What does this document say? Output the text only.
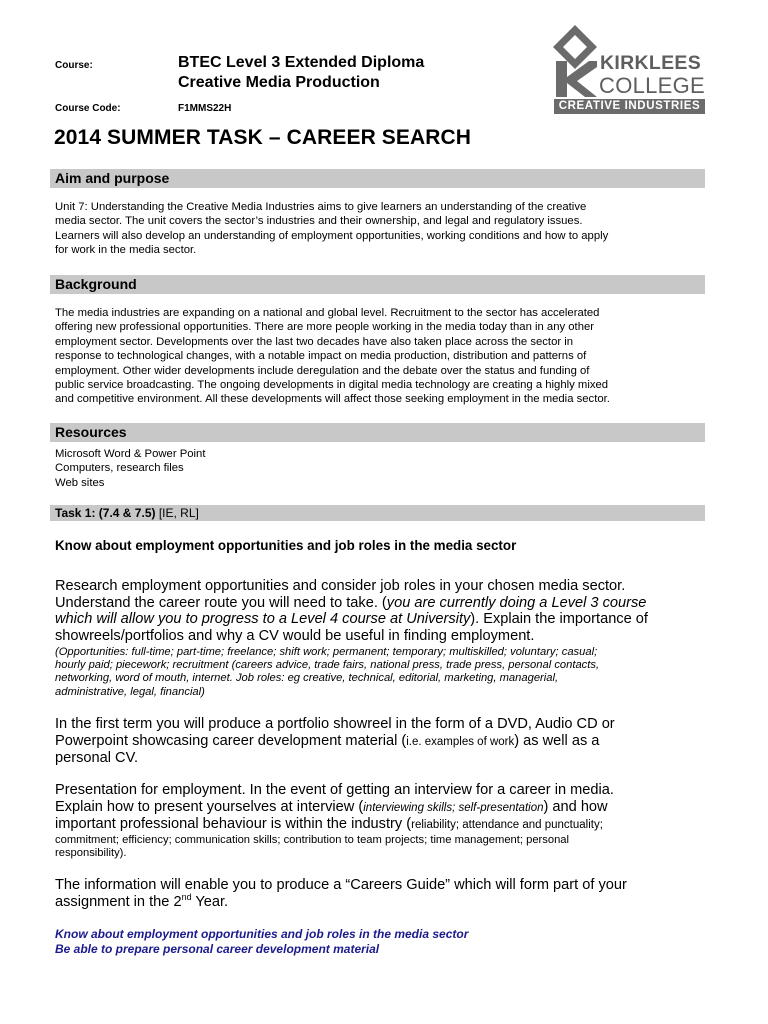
Course:	BTEC Level 3 Extended Diploma
Creative Media Production
Course Code:	F1MMS22H
KIRKLEES
COLLEGE
CREATIVE INDUSTRIES
2014 SUMMER TASK – CAREER SEARCH
Aim and purpose
Unit 7: Understanding the Creative Media Industries aims to give learners an understanding of the creative
media sector. The unit covers the sector’s industries and their ownership, and legal and regulatory issues.
Learners will also develop an understanding of employment opportunities, working conditions and how to apply
for work in the media sector.
Background
The media industries are expanding on a national and global level. Recruitment to the sector has accelerated
offering new professional opportunities. There are more people working in the media today than in any other
employment sector. Developments over the last two decades have also taken place across the sector in
response to technological changes, with a notable impact on media production, distribution and patterns of
employment. Other wider developments include deregulation and the debate over the status and funding of
public service broadcasting. The ongoing developments in digital media technology are creating a highly mixed
and competitive environment. All these developments will affect those seeking employment in the media sector.
Resources
Microsoft Word & Power Point
Computers, research files
Web sites
Task 1: (7.4 & 7.5) [IE, RL]
Know about employment opportunities and job roles in the media sector
Research employment opportunities and consider job roles in your chosen media sector.
Understand the career route you will need to take. (you are currently doing a Level 3 course
which will allow you to progress to a Level 4 course at University). Explain the importance of
showreels/portfolios and why a CV would be useful in finding employment.
(Opportunities: full-time; part-time; freelance; shift work; permanent; temporary; multiskilled; voluntary; casual;
hourly paid; piecework; recruitment (careers advice, trade fairs, national press, trade press, personal contacts,
networking, word of mouth, internet. Job roles: eg creative, technical, editorial, marketing, managerial,
administrative, legal, financial)
In the first term you will produce a portfolio showreel in the form of a DVD, Audio CD or
Powerpoint showcasing career development material (i.e. examples of work) as well as a
personal CV.
Presentation for employment. In the event of getting an interview for a career in media.
Explain how to present yourselves at interview (interviewing skills; self-presentation) and how
important professional behaviour is within the industry (reliability; attendance and punctuality;
commitment; efficiency; communication skills; contribution to team projects; time management; personal
responsibility).
The information will enable you to produce a “Careers Guide” which will form part of your
assignment in the 2nd Year.
Know about employment opportunities and job roles in the media sector
Be able to prepare personal career development material
